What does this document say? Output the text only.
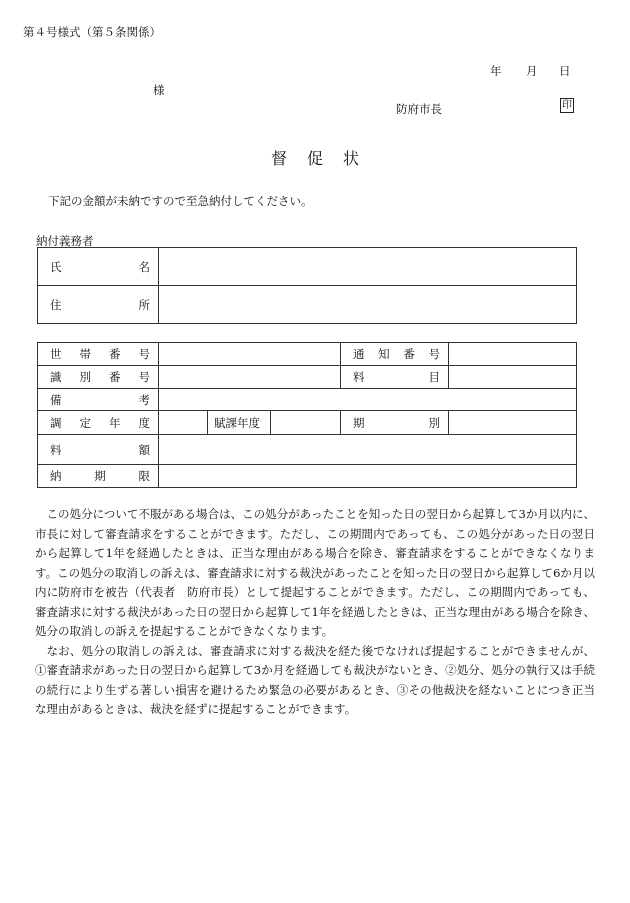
第４号様式（第５条関係）
年 月 日
様
防府市長	印
督促状
下記の金額が未納ですので至急納付してください。
納付義務者
氏 名	

住 所	

世 帯 番 号				通 知 番 号	

識 別 番 号				料 目	

備 考					

調 定 年 度		賦課年度		期 別	

料 額					

納 期 限					

この処分について不服がある場合は、この処分があったことを知った日の翌日から起算して3か月以内に、市長に対して審査請求をすることができます。ただし、この期間内であっても、この処分があった日の翌日から起算して1年を経過したときは、正当な理由がある場合を除き、審査請求をすることができなくなります。この処分の取消しの訴えは、審査請求に対する裁決があったことを知った日の翌日から起算して6か月以内に防府市を被告（代表者　防府市長）として提起することができます。ただし、この期間内であっても、審査請求に対する裁決があった日の翌日から起算して1年を経過したときは、正当な理由がある場合を除き、処分の取消しの訴えを提起することができなくなります。

なお、処分の取消しの訴えは、審査請求に対する裁決を経た後でなければ提起することができませんが、①審査請求があった日の翌日から起算して3か月を経過しても裁決がないとき、②処分、処分の執行又は手続の続行により生ずる著しい損害を避けるため緊急の必要があるとき、③その他裁決を経ないことにつき正当な理由があるときは、裁決を経ずに提起することができます。
